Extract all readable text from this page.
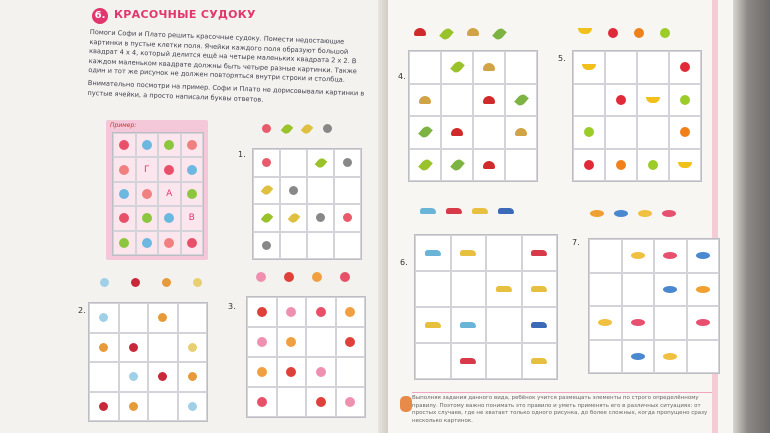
6. КРАСОЧНЫЕ СУДОКУ

Помоги Софи и Плато решить красочные судоку. Помести недостающие картинки в пустые клетки поля. Ячейки каждого поля образуют большой квадрат 4 х 4, который делится ещё на четыре маленьких квадрата 2 х 2. В каждом маленьком квадрате должны быть четыре разные картинки. Также один и тот же рисунок не должен повторяться внутри строки и столбца.

Внимательно посмотри на пример. Софи и Плато не дорисовывали картинки в пустые ячейки, а просто написали буквы ответов.

Пример:
Г
А
В
1.
2.	3.
4.
5.
6.
7.
Выполняя задания данного вида, ребёнок учится размещать элементы по строго определённому правилу. Поэтому важно понимать это правило и уметь применять его в различных ситуациях: от простых случаев, где не хватает только одного рисунка, до более сложных, когда пропущено сразу несколько картинок.
